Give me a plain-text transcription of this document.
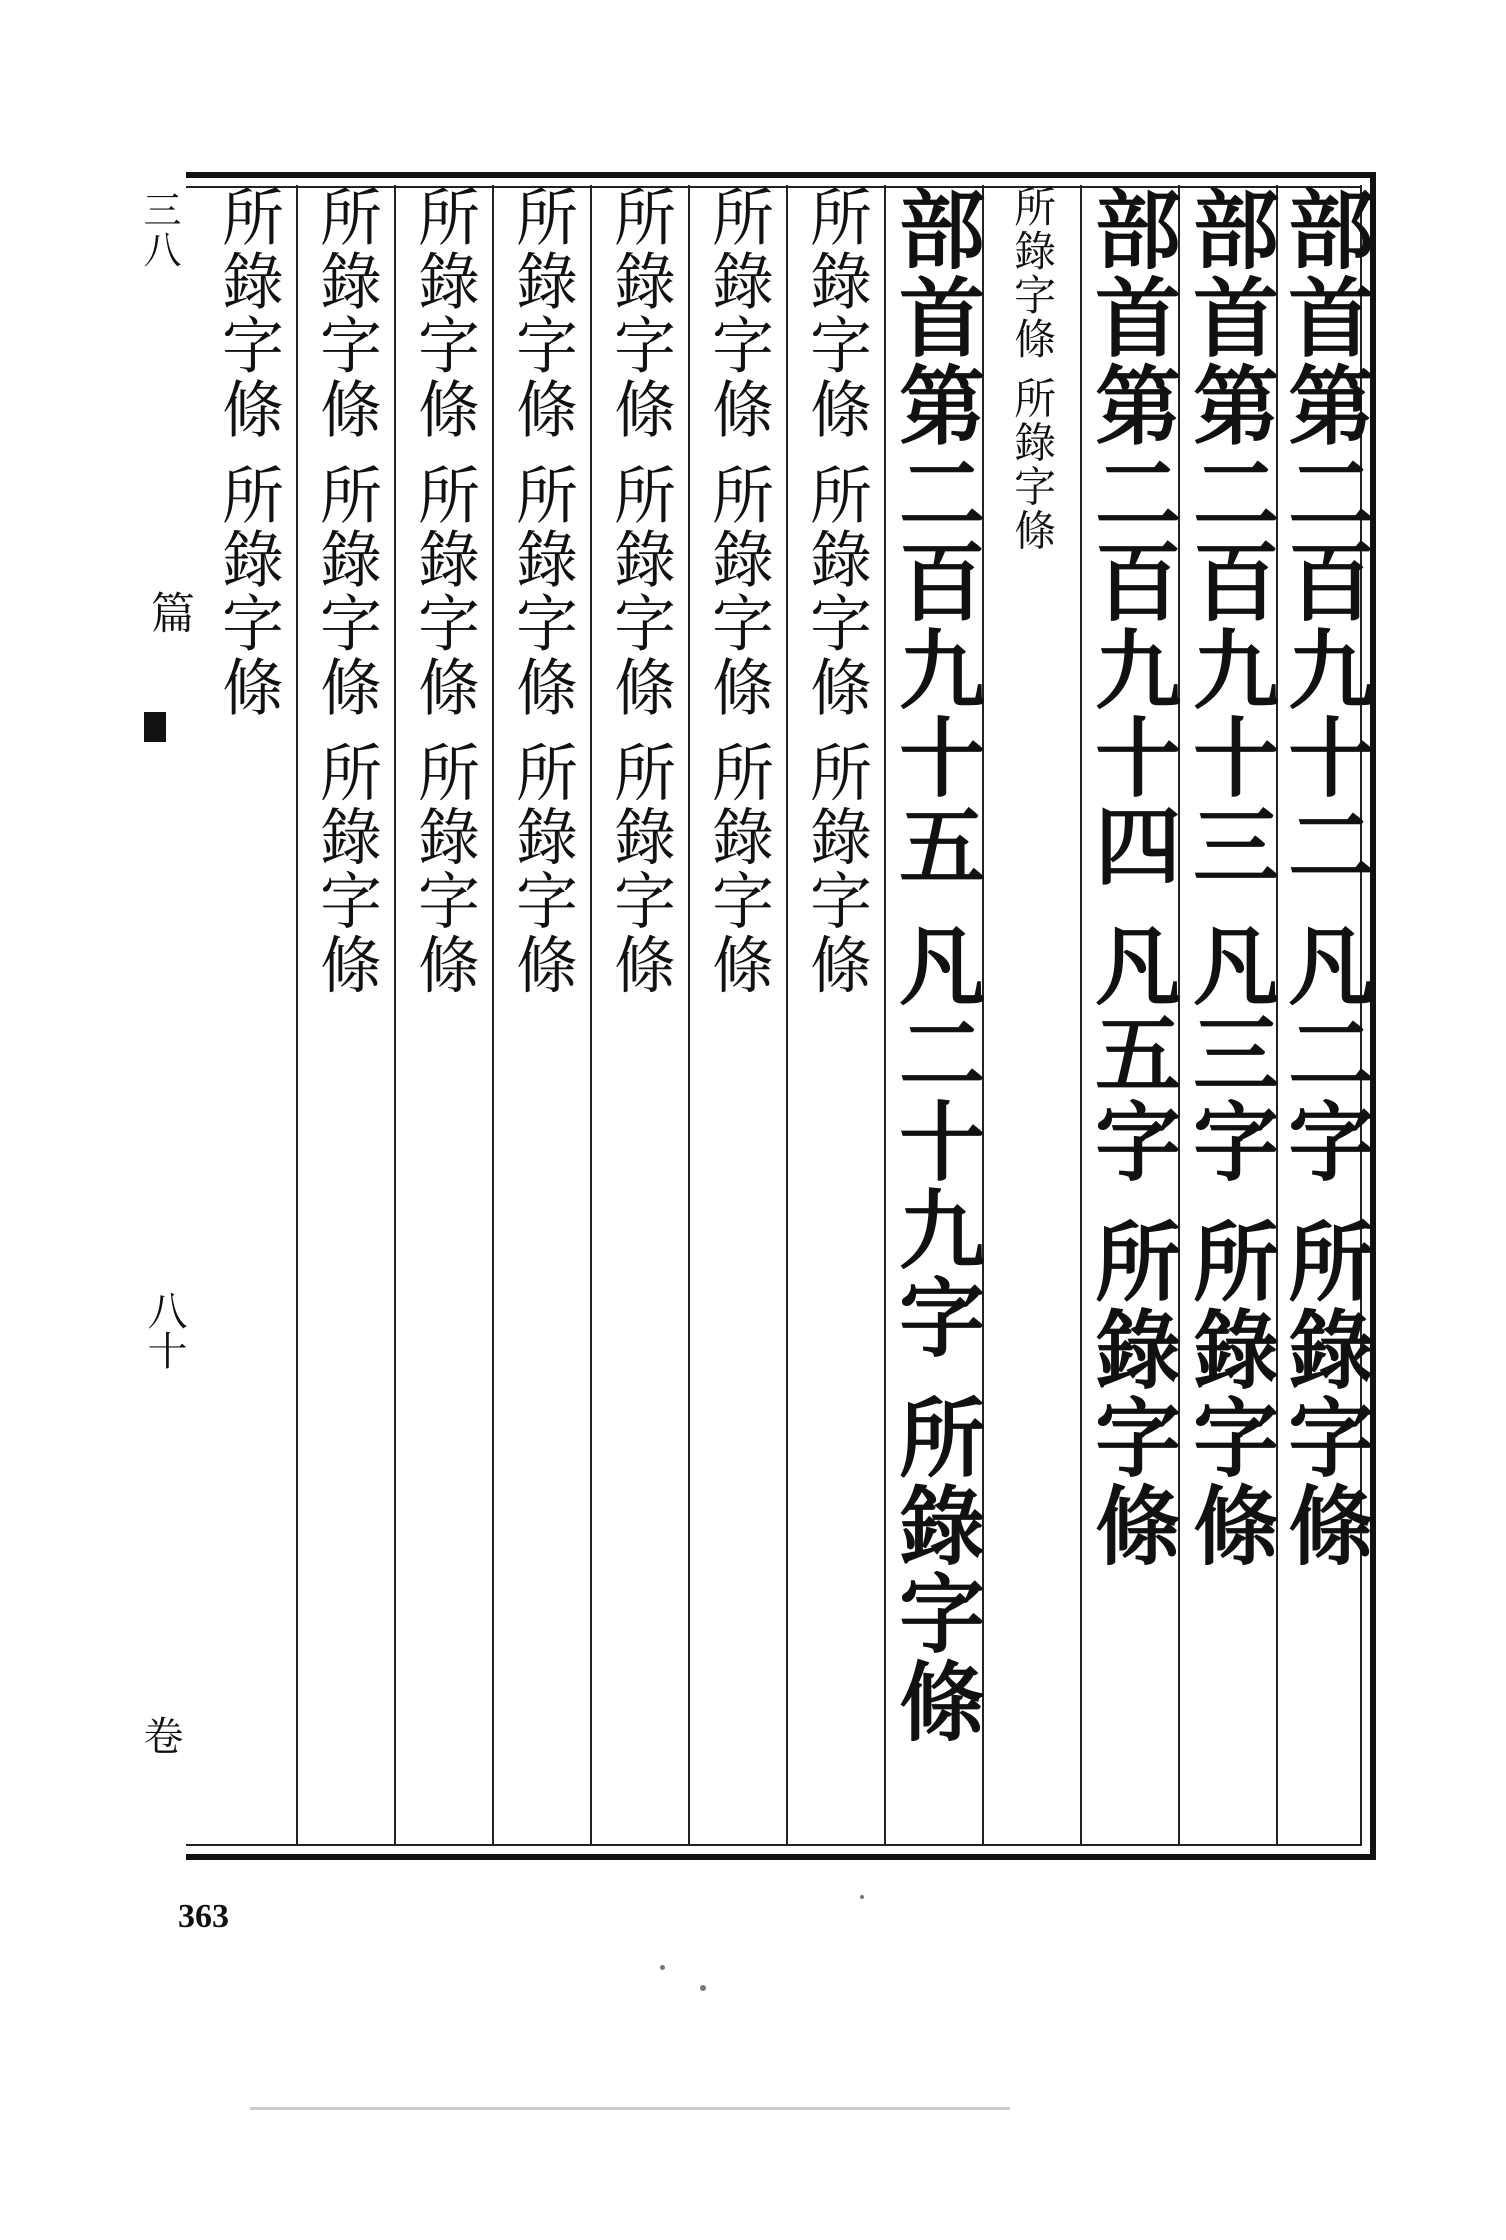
三八
篇
八十
卷
部首第二百九十二 凡二字 所錄字條
部首第二百九十三 凡三字 所錄字條
部首第二百九十四 凡五字 所錄字條
所錄字條 所錄字條
部首第二百九十五 凡二十九字 所錄字條
所錄字條 所錄字條 所錄字條
所錄字條 所錄字條 所錄字條
所錄字條 所錄字條 所錄字條
所錄字條 所錄字條 所錄字條
所錄字條 所錄字條 所錄字條
所錄字條 所錄字條 所錄字條
所錄字條 所錄字條
363
